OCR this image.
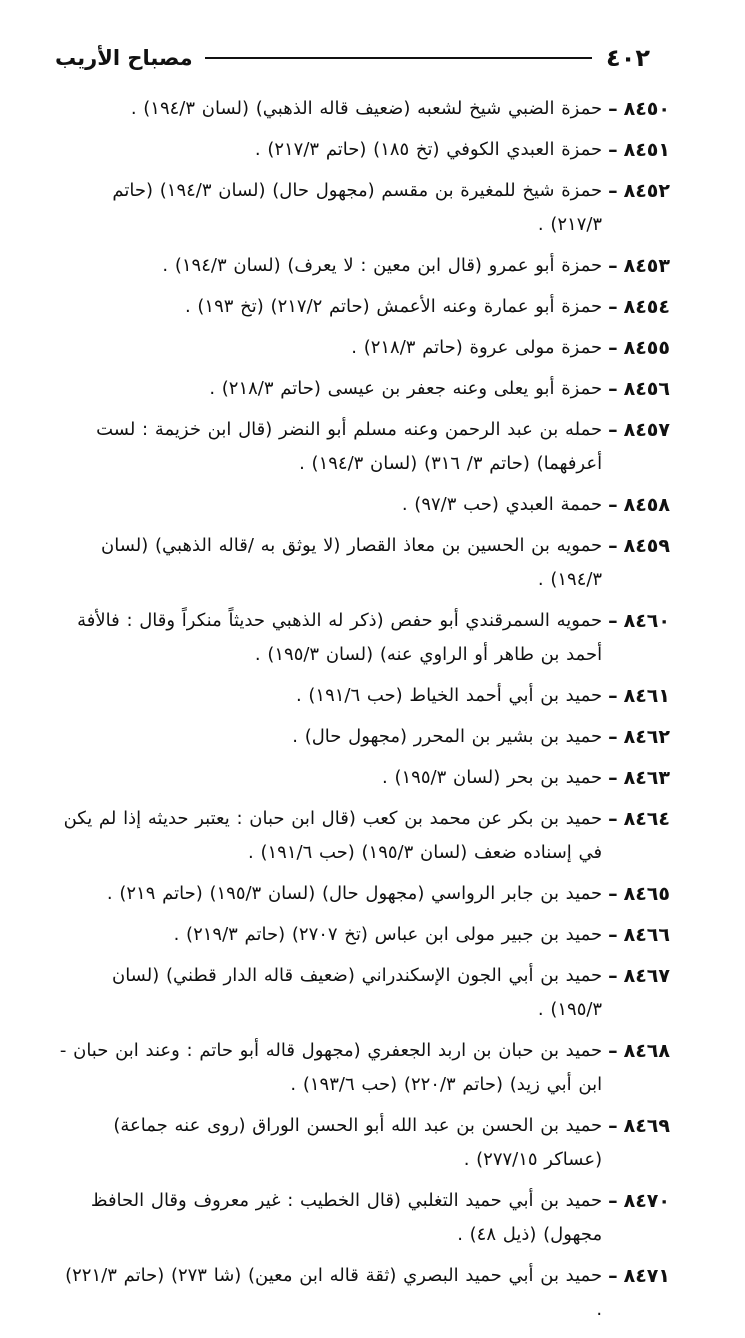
٤٠٢
مصباح الأريب
٨٤٥٠
–
حمزة الضبي شيخ لشعبه (ضعيف قاله الذهبي) (لسان ١٩٤/٣) .
٨٤٥١
–
حمزة العبدي الكوفي (تخ ١٨٥) (حاتم ٢١٧/٣) .
٨٤٥٢
–
حمزة شيخ للمغيرة بن مقسم (مجهول حال) (لسان ١٩٤/٣) (حاتم ٢١٧/٣) .
٨٤٥٣
–
حمزة أبو عمرو (قال ابن معين : لا يعرف) (لسان ١٩٤/٣) .
٨٤٥٤
–
حمزة أبو عمارة وعنه الأعمش (حاتم ٢١٧/٢) (تخ ١٩٣) .
٨٤٥٥
–
حمزة مولى عروة (حاتم ٢١٨/٣) .
٨٤٥٦
–
حمزة أبو يعلى وعنه جعفر بن عيسى (حاتم ٢١٨/٣) .
٨٤٥٧
–
حمله بن عبد الرحمن وعنه مسلم أبو النضر (قال ابن خزيمة : لست أعرفهما) (حاتم ٣/ ٣١٦) (لسان ١٩٤/٣) .
٨٤٥٨
–
حممة العبدي (حب ٩٧/٣) .
٨٤٥٩
–
حمويه بن الحسين بن معاذ القصار (لا يوثق به /قاله الذهبي) (لسان ١٩٤/٣) .
٨٤٦٠
–
حمويه السمرقندي أبو حفص (ذكر له الذهبي حديثاً منكراً وقال : فالأفة أحمد بن طاهر أو الراوي عنه) (لسان ١٩٥/٣) .
٨٤٦١
–
حميد بن أبي أحمد الخياط (حب ١٩١/٦) .
٨٤٦٢
–
حميد بن بشير بن المحرر (مجهول حال) .
٨٤٦٣
–
حميد بن بحر (لسان ١٩٥/٣) .
٨٤٦٤
–
حميد بن بكر عن محمد بن كعب (قال ابن حبان : يعتبر حديثه إذا لم يكن في إسناده ضعف (لسان ١٩٥/٣) (حب ١٩١/٦) .
٨٤٦٥
–
حميد بن جابر الرواسي (مجهول حال) (لسان ١٩٥/٣) (حاتم ٢١٩) .
٨٤٦٦
–
حميد بن جبير مولى ابن عباس (تخ ٢٧٠٧) (حاتم ٢١٩/٣) .
٨٤٦٧
–
حميد بن أبي الجون الإسكندراني (ضعيف قاله الدار قطني) (لسان ١٩٥/٣) .
٨٤٦٨
–
حميد بن حبان بن اربد الجعفري (مجهول قاله أبو حاتم : وعند ابن حبان - ابن أبي زيد) (حاتم ٢٢٠/٣) (حب ١٩٣/٦) .
٨٤٦٩
–
حميد بن الحسن بن عبد الله أبو الحسن الوراق (روى عنه جماعة) (عساكر ٢٧٧/١٥) .
٨٤٧٠
–
حميد بن أبي حميد التغلبي (قال الخطيب : غير معروف وقال الحافظ مجهول) (ذيل ٤٨) .
٨٤٧١
–
حميد بن أبي حميد البصري (ثقة قاله ابن معين) (شا ٢٧٣) (حاتم ٢٢١/٣) .
